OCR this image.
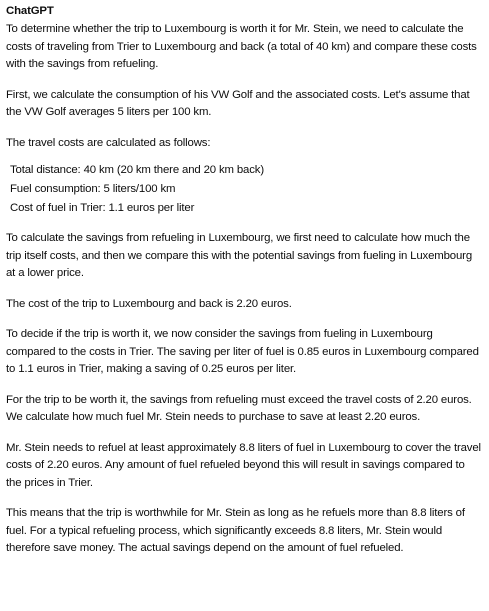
ChatGPT

To determine whether the trip to Luxembourg is worth it for Mr. Stein, we need to calculate the costs of traveling from Trier to Luxembourg and back (a total of 40 km) and compare these costs with the savings from refueling.

First, we calculate the consumption of his VW Golf and the associated costs. Let's assume that the VW Golf averages 5 liters per 100 km.

The travel costs are calculated as follows:

Total distance: 40 km (20 km there and 20 km back)
Fuel consumption: 5 liters/100 km
Cost of fuel in Trier: 1.1 euros per liter

To calculate the savings from refueling in Luxembourg, we first need to calculate how much the trip itself costs, and then we compare this with the potential savings from fueling in Luxembourg at a lower price.

The cost of the trip to Luxembourg and back is 2.20 euros.

To decide if the trip is worth it, we now consider the savings from fueling in Luxembourg compared to the costs in Trier. The saving per liter of fuel is 0.85 euros in Luxembourg compared to 1.1 euros in Trier, making a saving of 0.25 euros per liter.

For the trip to be worth it, the savings from refueling must exceed the travel costs of 2.20 euros. We calculate how much fuel Mr. Stein needs to purchase to save at least 2.20 euros.

Mr. Stein needs to refuel at least approximately 8.8 liters of fuel in Luxembourg to cover the travel costs of 2.20 euros. Any amount of fuel refueled beyond this will result in savings compared to the prices in Trier.

This means that the trip is worthwhile for Mr. Stein as long as he refuels more than 8.8 liters of fuel. For a typical refueling process, which significantly exceeds 8.8 liters, Mr. Stein would therefore save money. The actual savings depend on the amount of fuel refueled.
